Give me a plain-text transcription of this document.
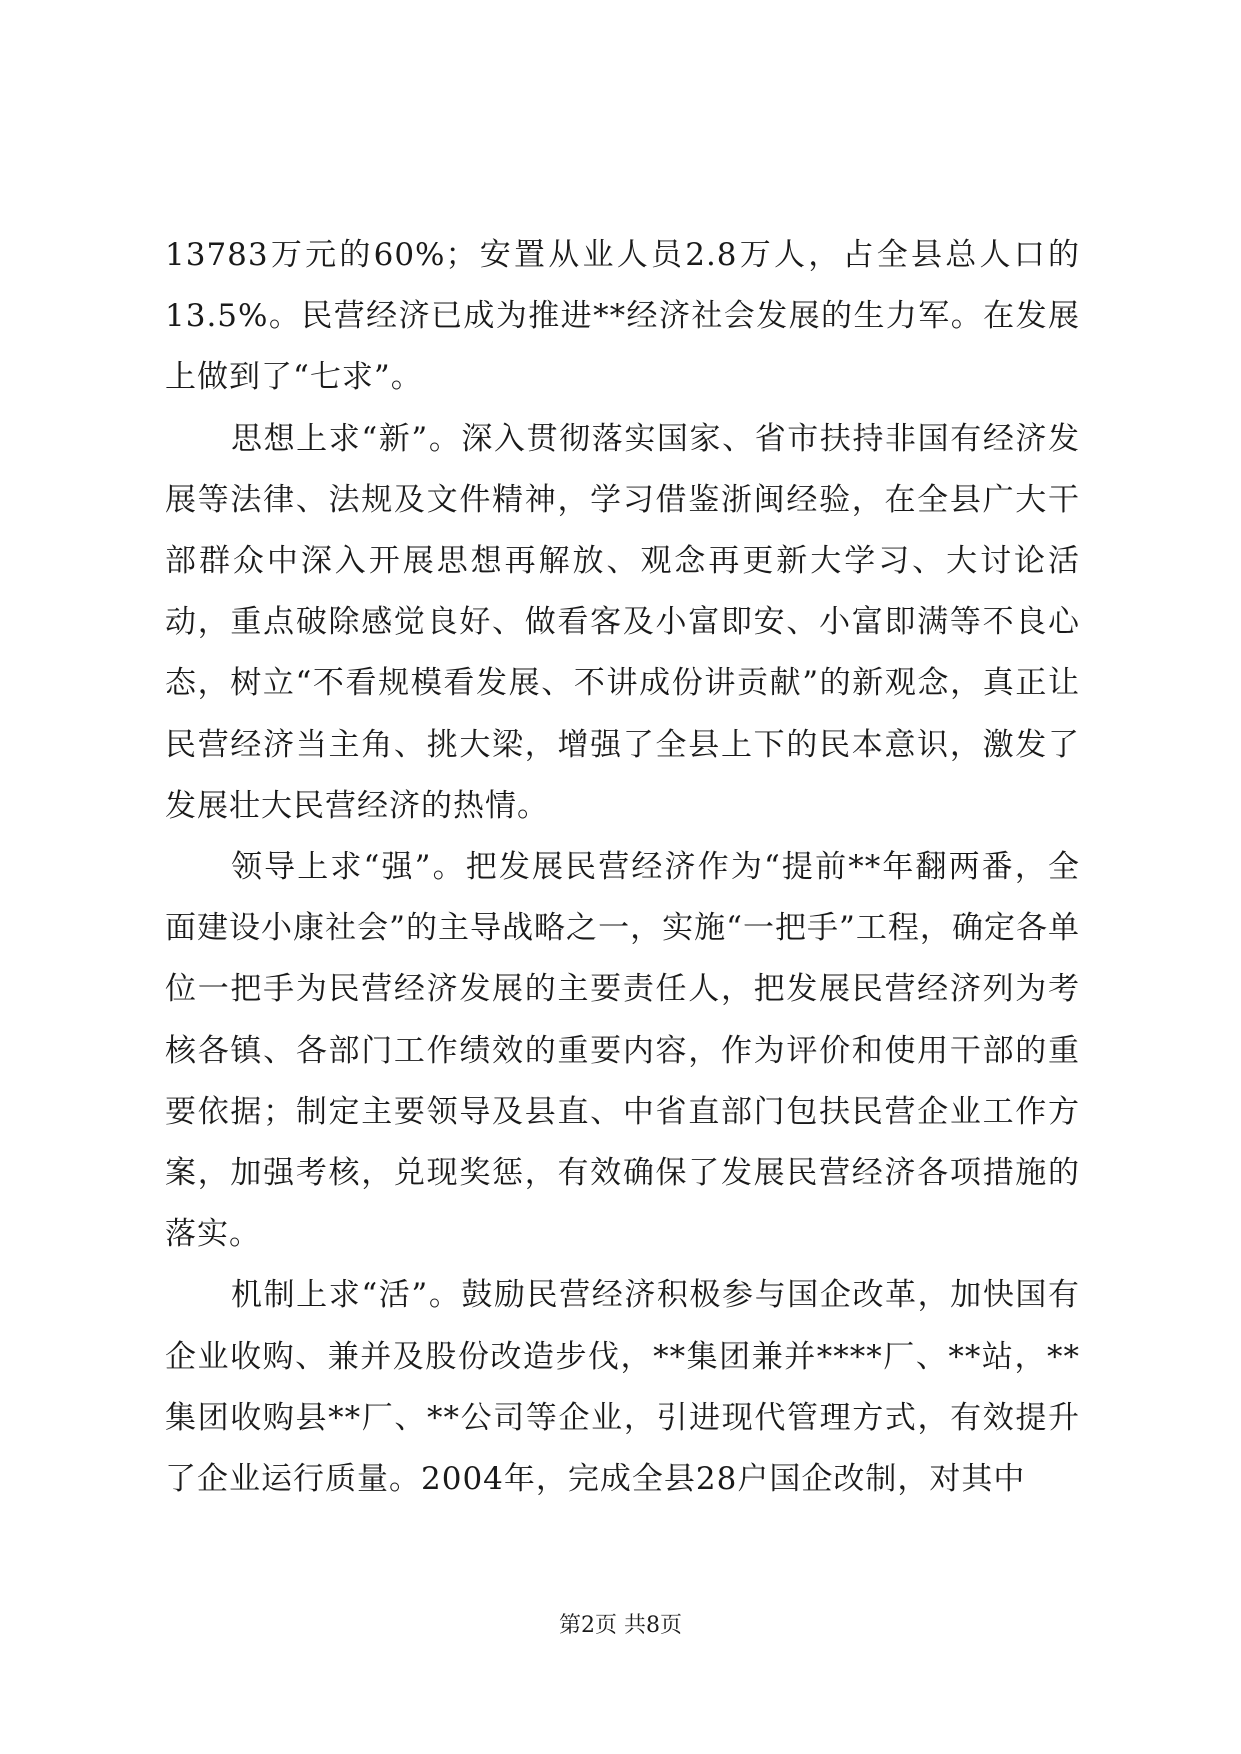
13783万元的60%；安置从业人员2.8万人，占全县总人口的13.5%。民营经济已成为推进**经济社会发展的生力军。在发展上做到了“七求”。

思想上求“新”。深入贯彻落实国家、省市扶持非国有经济发展等法律、法规及文件精神，学习借鉴浙闽经验，在全县广大干部群众中深入开展思想再解放、观念再更新大学习、大讨论活动，重点破除感觉良好、做看客及小富即安、小富即满等不良心态，树立“不看规模看发展、不讲成份讲贡献”的新观念，真正让民营经济当主角、挑大梁，增强了全县上下的民本意识，激发了发展壮大民营经济的热情。

领导上求“强”。把发展民营经济作为“提前**年翻两番，全面建设小康社会”的主导战略之一，实施“一把手”工程，确定各单位一把手为民营经济发展的主要责任人，把发展民营经济列为考核各镇、各部门工作绩效的重要内容，作为评价和使用干部的重要依据；制定主要领导及县直、中省直部门包扶民营企业工作方案，加强考核，兑现奖惩，有效确保了发展民营经济各项措施的落实。

机制上求“活”。鼓励民营经济积极参与国企改革，加快国有企业收购、兼并及股份改造步伐，**集团兼并****厂、**站，**集团收购县**厂、**公司等企业，引进现代管理方式，有效提升了企业运行质量。2004年，完成全县28户国企改制，对其中

第2页 共8页
